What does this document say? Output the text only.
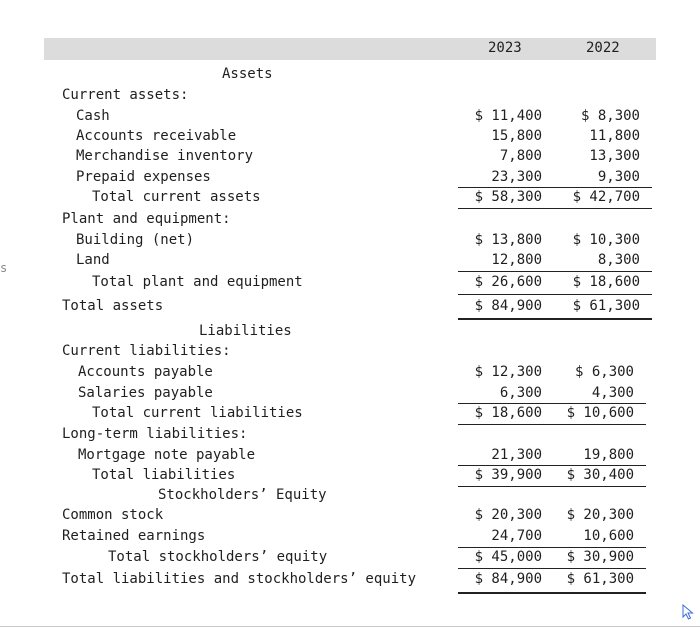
s
2023	2022
Assets
Liabilities
Stockholders’ Equity
Current assets:
Cash	$ 11,400	$ 8,300
Accounts receivable	15,800	11,800
Merchandise inventory	7,800	13,300
Prepaid expenses	23,300	9,300
Total current assets	$ 58,300	$ 42,700
Plant and equipment:
Building (net)	$ 13,800	$ 10,300
Land	12,800	8,300
Total plant and equipment	$ 26,600	$ 18,600
Total assets	$ 84,900	$ 61,300
Current liabilities:
Accounts payable	$ 12,300	$ 6,300
Salaries payable	6,300	4,300
Total current liabilities	$ 18,600	$ 10,600
Long-term liabilities:
Mortgage note payable	21,300	19,800
Total liabilities	$ 39,900	$ 30,400
Common stock	$ 20,300	$ 20,300
Retained earnings	24,700	10,600
Total stockholders’ equity	$ 45,000	$ 30,900
Total liabilities and stockholders’ equity	$ 84,900	$ 61,300
